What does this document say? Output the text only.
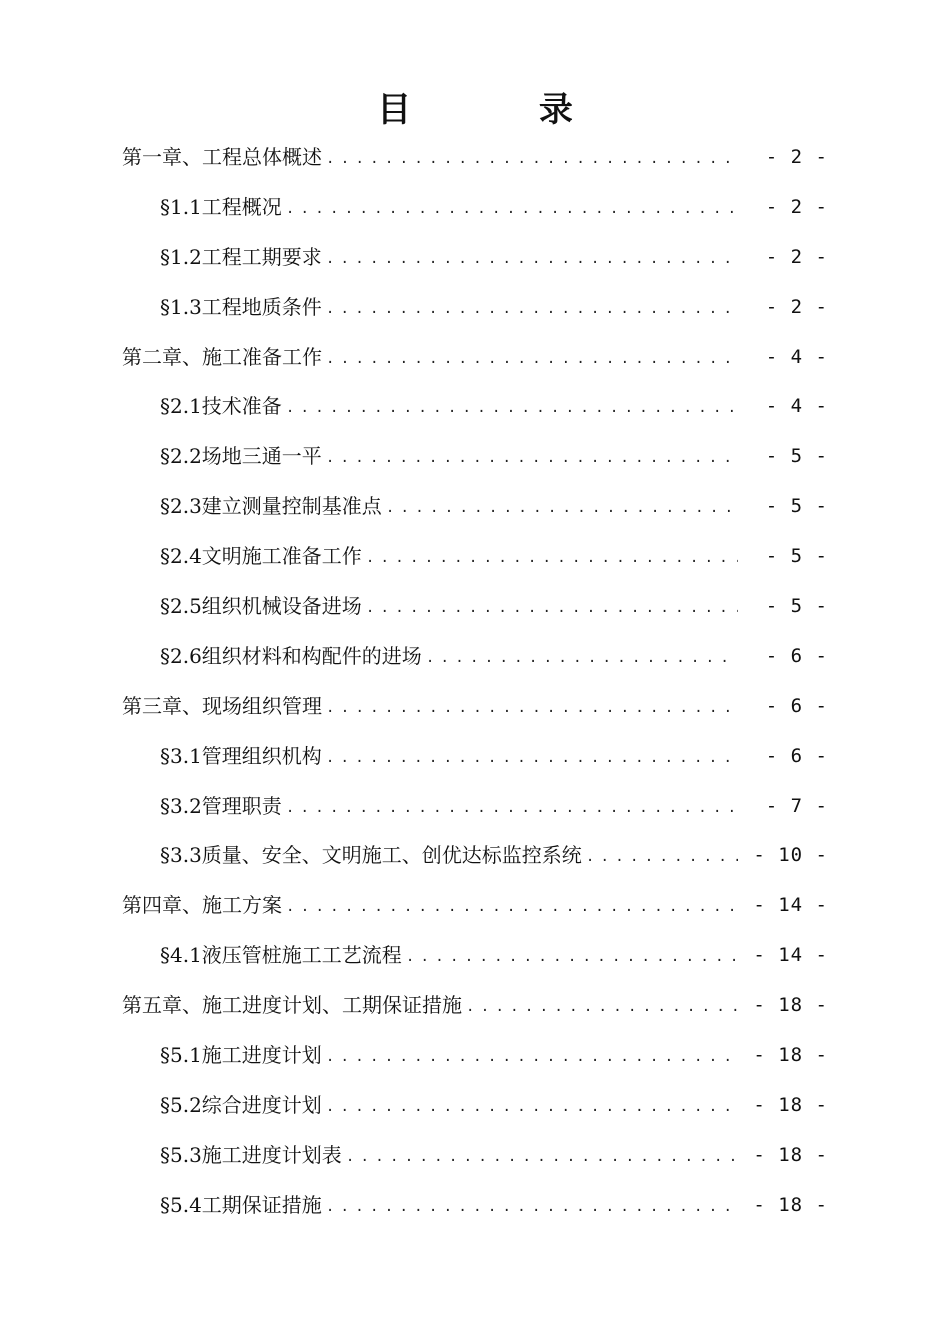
目 录
第一章、工程总体概述 .....	- 2 -
§1.1工程概况 .....	- 2 -
§1.2工程工期要求 .....	- 2 -
§1.3工程地质条件 .....	- 2 -
第二章、施工准备工作 .....	- 4 -
§2.1技术准备 .....	- 4 -
§2.2场地三通一平 .....	- 5 -
§2.3建立测量控制基准点 .....	- 5 -
§2.4文明施工准备工作 .....	- 5 -
§2.5组织机械设备进场 .....	- 5 -
§2.6组织材料和构配件的进场 .....	- 6 -
第三章、现场组织管理 .....	- 6 -
§3.1管理组织机构 .....	- 6 -
§3.2管理职责 .....	- 7 -
§3.3质量、安全、文明施工、创优达标监控系统 .....	- 10 -
第四章、施工方案 .....	- 14 -
§4.1液压管桩施工工艺流程 .....	- 14 -
第五章、施工进度计划、工期保证措施 .....	- 18 -
§5.1施工进度计划 .....	- 18 -
§5.2综合进度计划 .....	- 18 -
§5.3施工进度计划表 .....	- 18 -
§5.4工期保证措施 .....	- 18 -
